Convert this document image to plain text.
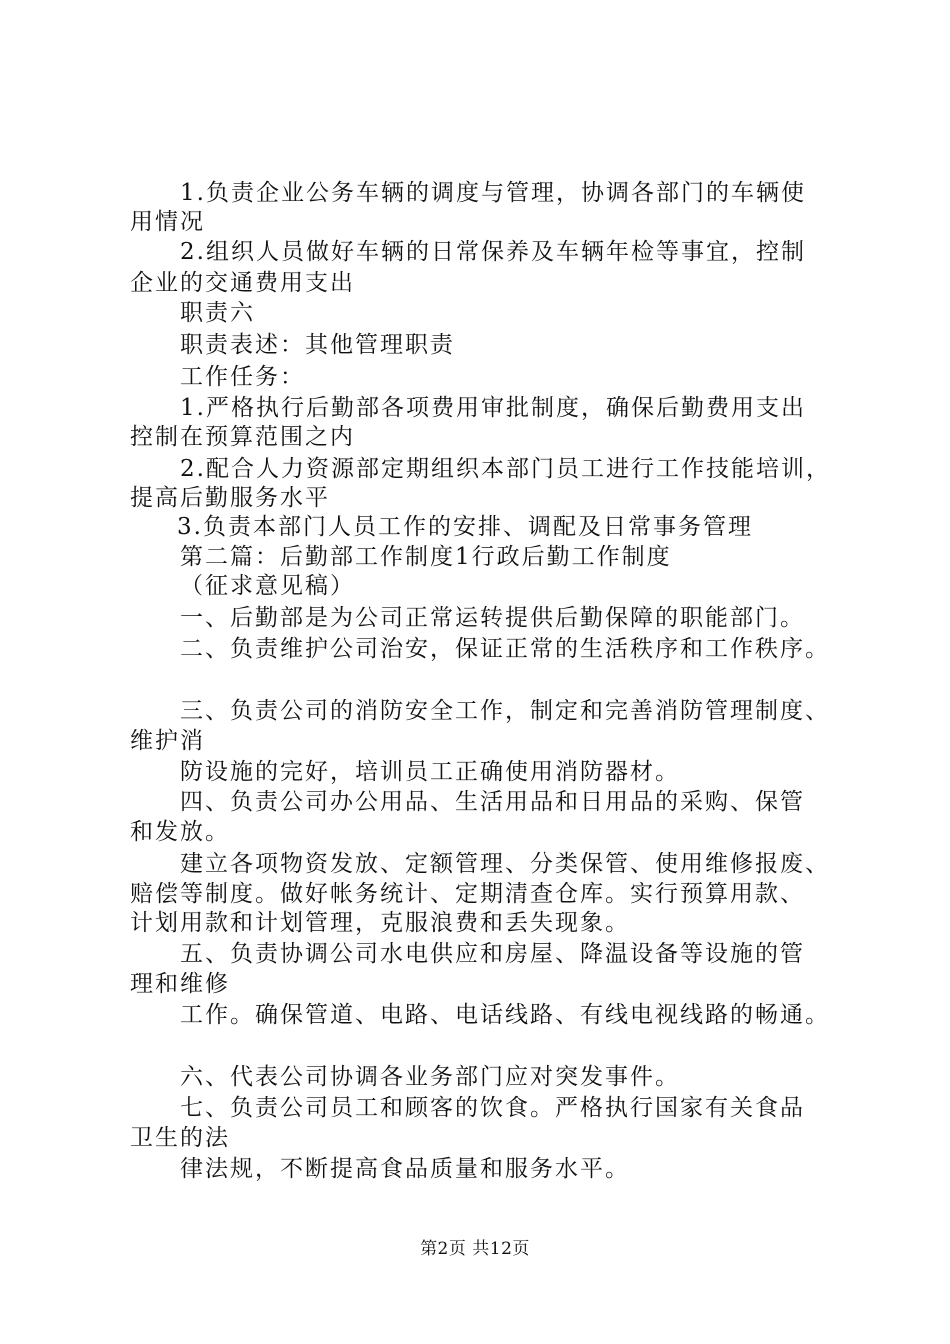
1.负责企业公务车辆的调度与管理，协调各部门的车辆使
用情况
2.组织人员做好车辆的日常保养及车辆年检等事宜，控制
企业的交通费用支出
职责六
职责表述：其他管理职责
工作任务：
1.严格执行后勤部各项费用审批制度，确保后勤费用支出
控制在预算范围之内
2.配合人力资源部定期组织本部门员工进行工作技能培训，
提高后勤服务水平
3.负责本部门人员工作的安排、调配及日常事务管理
第二篇：后勤部工作制度1行政后勤工作制度
（征求意见稿）
一、后勤部是为公司正常运转提供后勤保障的职能部门。
二、负责维护公司治安，保证正常的生活秩序和工作秩序。
三、负责公司的消防安全工作，制定和完善消防管理制度、
维护消
防设施的完好，培训员工正确使用消防器材。
四、负责公司办公用品、生活用品和日用品的采购、保管
和发放。
建立各项物资发放、定额管理、分类保管、使用维修报废、
赔偿等制度。做好帐务统计、定期清查仓库。实行预算用款、
计划用款和计划管理，克服浪费和丢失现象。
五、负责协调公司水电供应和房屋、降温设备等设施的管
理和维修
工作。确保管道、电路、电话线路、有线电视线路的畅通。
六、代表公司协调各业务部门应对突发事件。
七、负责公司员工和顾客的饮食。严格执行国家有关食品
卫生的法
律法规，不断提高食品质量和服务水平。
第2页 共12页
